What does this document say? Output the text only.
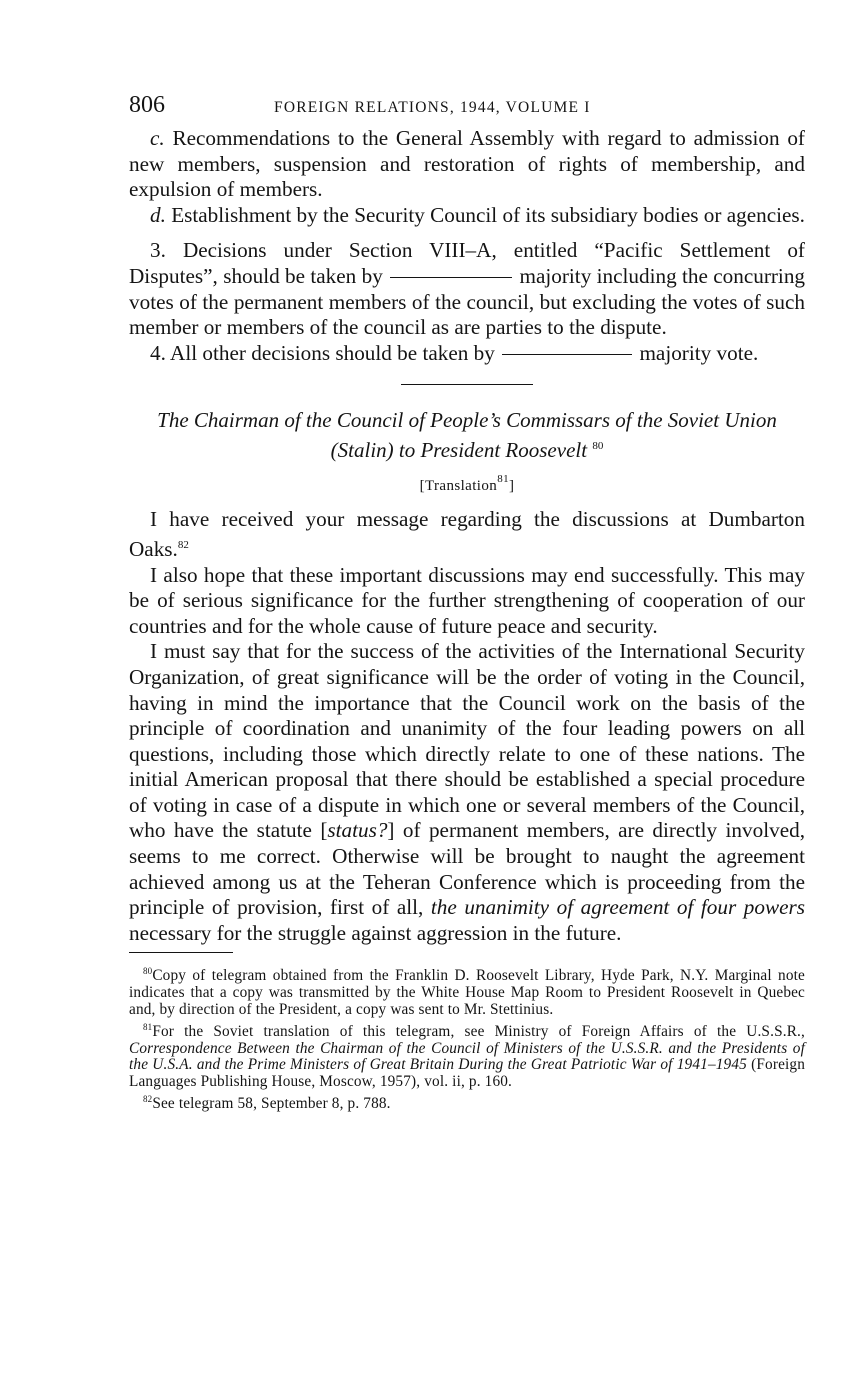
806	FOREIGN RELATIONS, 1944, VOLUME I

c. Recommendations to the General Assembly with regard to admission of new members, suspension and restoration of rights of membership, and expulsion of members.

d. Establishment by the Security Council of its subsidiary bodies or agencies.

3. Decisions under Section VIII–A, entitled “Pacific Settlement of Disputes”, should be taken by	majority including the concurring votes of the permanent members of the council, but excluding the votes of such member or members of the council as are parties to the dispute.

4. All other decisions should be taken by	majority vote.

The Chairman of the Council of People’s Commissars of the Soviet Union (Stalin) to President Roosevelt $^{80}$

[Translation$^{81}$]

I have received your message regarding the discussions at Dumbarton Oaks.$^{82}$

I also hope that these important discussions may end successfully. This may be of serious significance for the further strengthening of cooperation of our countries and for the whole cause of future peace and security.

I must say that for the success of the activities of the International Security Organization, of great significance will be the order of voting in the Council, having in mind the importance that the Council work on the basis of the principle of coordination and unanimity of the four leading powers on all questions, including those which directly relate to one of these nations. The initial American proposal that there should be established a special procedure of voting in case of a dispute in which one or several members of the Council, who have the statute [status?] of permanent members, are directly involved, seems to me correct. Otherwise will be brought to naught the agreement achieved among us at the Teheran Conference which is proceeding from the principle of provision, first of all, the unanimity of agreement of four powers necessary for the struggle against aggression in the future.

$^{80}$Copy of telegram obtained from the Franklin D. Roosevelt Library, Hyde Park, N.Y. Marginal note indicates that a copy was transmitted by the White House Map Room to President Roosevelt in Quebec and, by direction of the President, a copy was sent to Mr. Stettinius.

$^{81}$For the Soviet translation of this telegram, see Ministry of Foreign Affairs of the U.S.S.R., Correspondence Between the Chairman of the Council of Ministers of the U.S.S.R. and the Presidents of the U.S.A. and the Prime Ministers of Great Britain During the Great Patriotic War of 1941–1945 (Foreign Languages Publishing House, Moscow, 1957), vol. ii, p. 160.

$^{82}$See telegram 58, September 8, p. 788.
